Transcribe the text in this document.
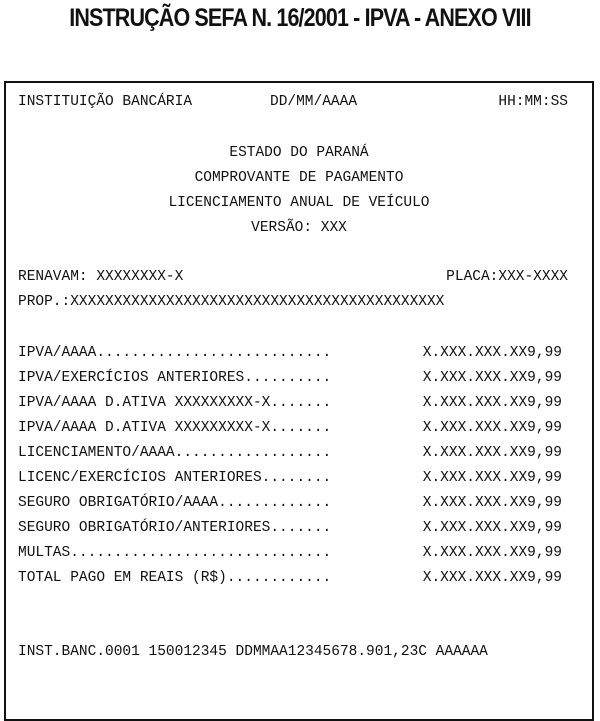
INSTRUÇÃO SEFA N. 16/2001 - IPVA - ANEXO VIII
INSTITUIÇÃO BANCÁRIA	DD/MM/AAAA	HH:MM:SS
ESTADO DO PARANÁ
COMPROVANTE DE PAGAMENTO
LICENCIAMENTO ANUAL DE VEÍCULO
VERSÃO: XXX
RENAVAM: XXXXXXXX-X	PLACA:XXX-XXXX
PROP.:XXXXXXXXXXXXXXXXXXXXXXXXXXXXXXXXXXXXXXXXXXX
IPVA/AAAA...........................	X.XXX.XXX.XX9,99
IPVA/EXERCÍCIOS ANTERIORES..........	X.XXX.XXX.XX9,99
IPVA/AAAA D.ATIVA XXXXXXXXX-X.......	X.XXX.XXX.XX9,99
IPVA/AAAA D.ATIVA XXXXXXXXX-X.......	X.XXX.XXX.XX9,99
LICENCIAMENTO/AAAA..................	X.XXX.XXX.XX9,99
LICENC/EXERCÍCIOS ANTERIORES........	X.XXX.XXX.XX9,99
SEGURO OBRIGATÓRIO/AAAA.............	X.XXX.XXX.XX9,99
SEGURO OBRIGATÓRIO/ANTERIORES.......	X.XXX.XXX.XX9,99
MULTAS..............................	X.XXX.XXX.XX9,99
TOTAL PAGO EM REAIS (R$)............	X.XXX.XXX.XX9,99
INST.BANC.0001 150012345 DDMMAA12345678.901,23C AAAAAA
